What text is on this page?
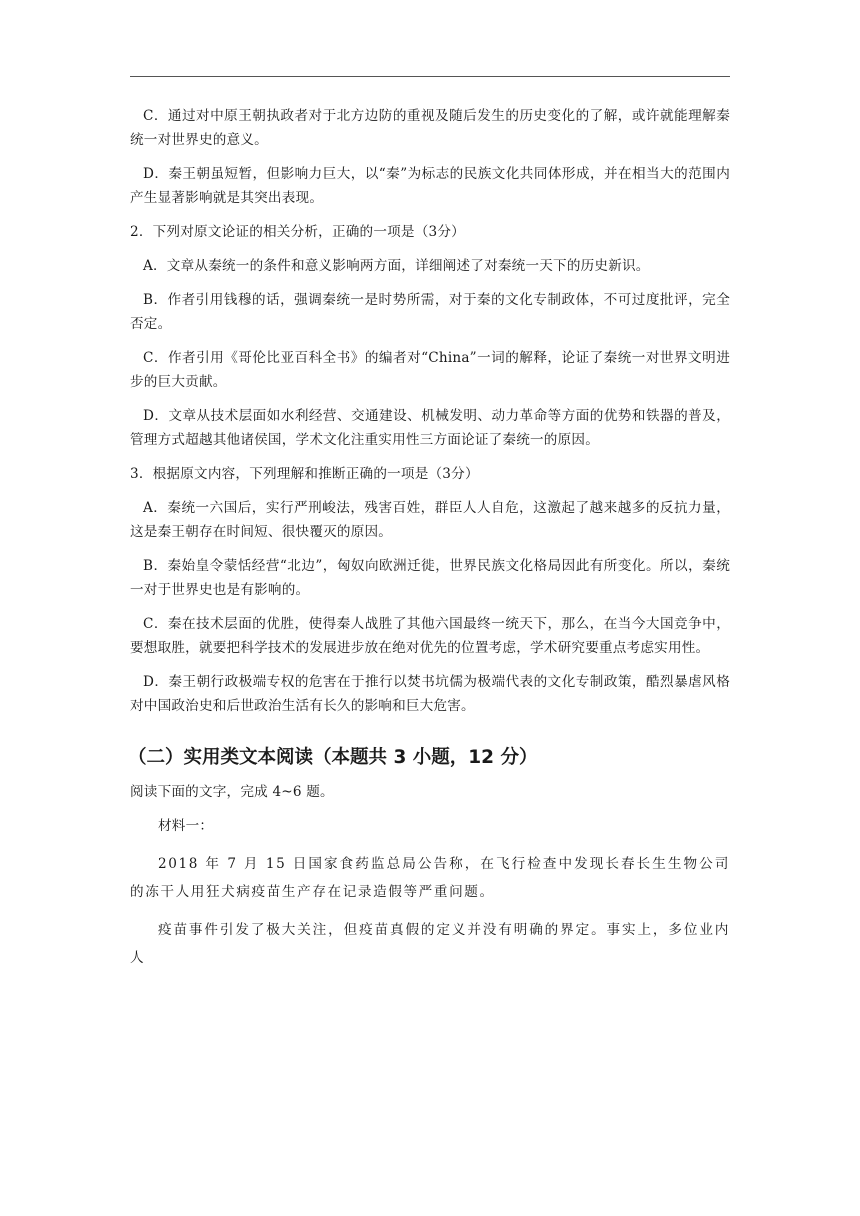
C．通过对中原王朝执政者对于北方边防的重视及随后发生的历史变化的了解，或许就能理解秦统一对世界史的意义。

D．秦王朝虽短暂，但影响力巨大，以“秦”为标志的民族文化共同体形成，并在相当大的范围内产生显著影响就是其突出表现。

2．下列对原文论证的相关分析，正确的一项是（3分）

A．文章从秦统一的条件和意义影响两方面，详细阐述了对秦统一天下的历史新识。

B．作者引用钱穆的话，强调秦统一是时势所需，对于秦的文化专制政体，不可过度批评，完全否定。

C．作者引用《哥伦比亚百科全书》的编者对“China”一词的解释，论证了秦统一对世界文明进步的巨大贡献。

D．文章从技术层面如水利经营、交通建设、机械发明、动力革命等方面的优势和铁器的普及，管理方式超越其他诸侯国，学术文化注重实用性三方面论证了秦统一的原因。

3．根据原文内容，下列理解和推断正确的一项是（3分）

A．秦统一六国后，实行严刑峻法，残害百姓，群臣人人自危，这激起了越来越多的反抗力量，这是秦王朝存在时间短、很快覆灭的原因。

B．秦始皇令蒙恬经营“北边”，匈奴向欧洲迁徙，世界民族文化格局因此有所变化。所以，秦统一对于世界史也是有影响的。

C．秦在技术层面的优胜，使得秦人战胜了其他六国最终一统天下，那么，在当今大国竞争中，要想取胜，就要把科学技术的发展进步放在绝对优先的位置考虑，学术研究要重点考虑实用性。

D．秦王朝行政极端专权的危害在于推行以焚书坑儒为极端代表的文化专制政策，酷烈暴虐风格对中国政治史和后世政治生活有长久的影响和巨大危害。

（二）实用类文本阅读（本题共 3 小题，12 分）

阅读下面的文字，完成 4~6 题。

材料一：

2018 年 7 月 15 日国家食药监总局公告称，在飞行检查中发现长春长生生物公司的冻干人用狂犬病疫苗生产存在记录造假等严重问题。

疫苗事件引发了极大关注，但疫苗真假的定义并没有明确的界定。事实上，多位业内人
